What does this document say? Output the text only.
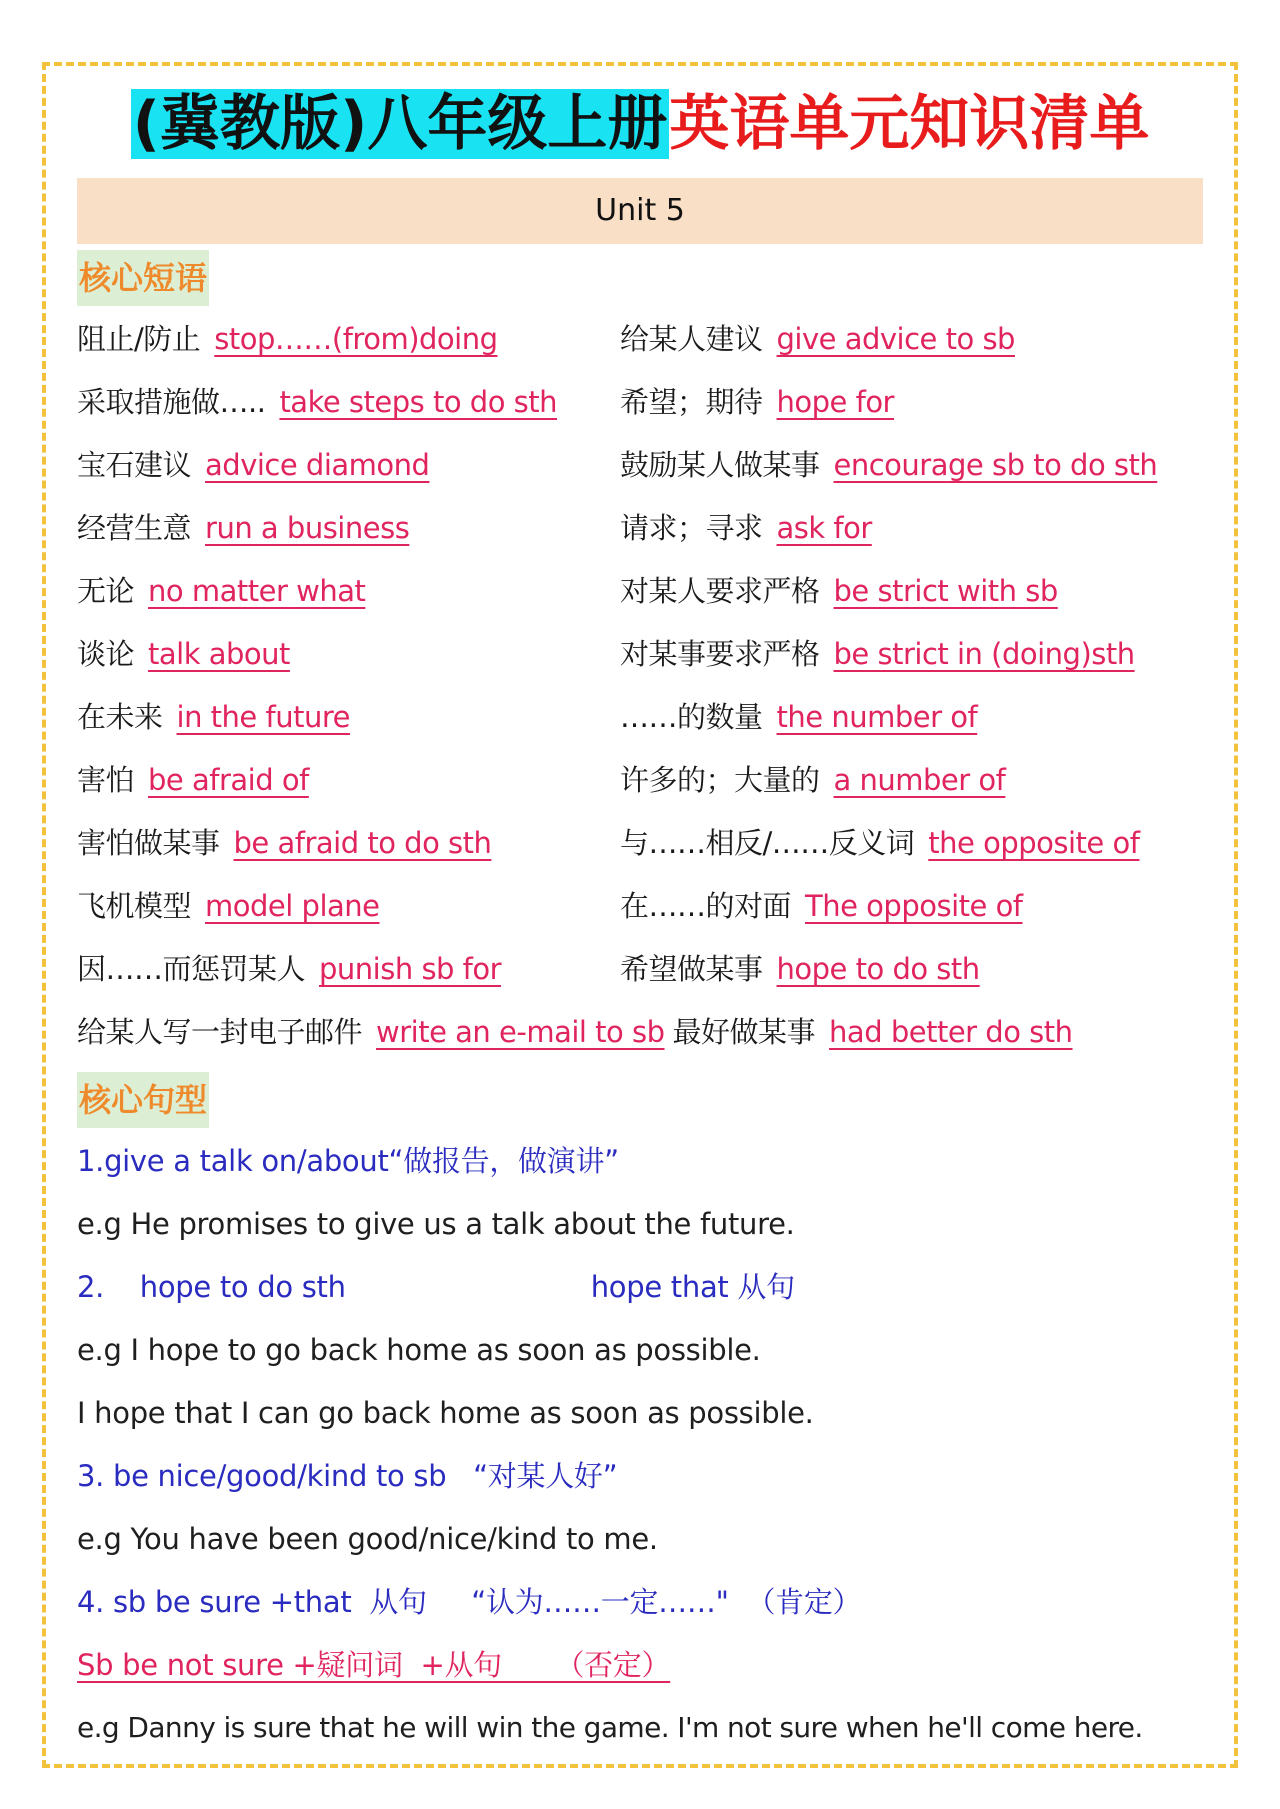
(冀教版)八年级上册英语单元知识清单
Unit 5
核心短语
阻止/防止 stop……(from)doing
采取措施做….. take steps to do sth
宝石建议 advice diamond
经营生意 run a business
无论 no matter what
谈论 talk about
在未来 in the future
害怕 be afraid of
害怕做某事 be afraid to do sth
飞机模型 model plane
因……而惩罚某人 punish sb for
给某人建议 give advice to sb
希望；期待 hope for
鼓励某人做某事 encourage sb to do sth
请求；寻求 ask for
对某人要求严格 be strict with sb
对某事要求严格 be strict in (doing)sth
……的数量 the number of
许多的；大量的 a number of
与……相反/……反义词 the opposite of
在……的对面 The opposite of
希望做某事 hope to do sth
给某人写一封电子邮件 write an e-mail to sb 最好做某事 had better do sth
核心句型
1.give a talk on/about“做报告，做演讲”
e.g He promises to give us a talk about the future.
2.    hope to do sth	hope that 从句
e.g I hope to go back home as soon as possible.
I hope that I can go back home as soon as possible.
3. be nice/good/kind to sb   “对某人好”
e.g You have been good/nice/kind to me.
4. sb be sure +that  从句     “认为……一定……"  （肯定）
Sb be not sure +疑问词  +从句      （否定）
e.g Danny is sure that he will win the game. I'm not sure when he'll come here.
